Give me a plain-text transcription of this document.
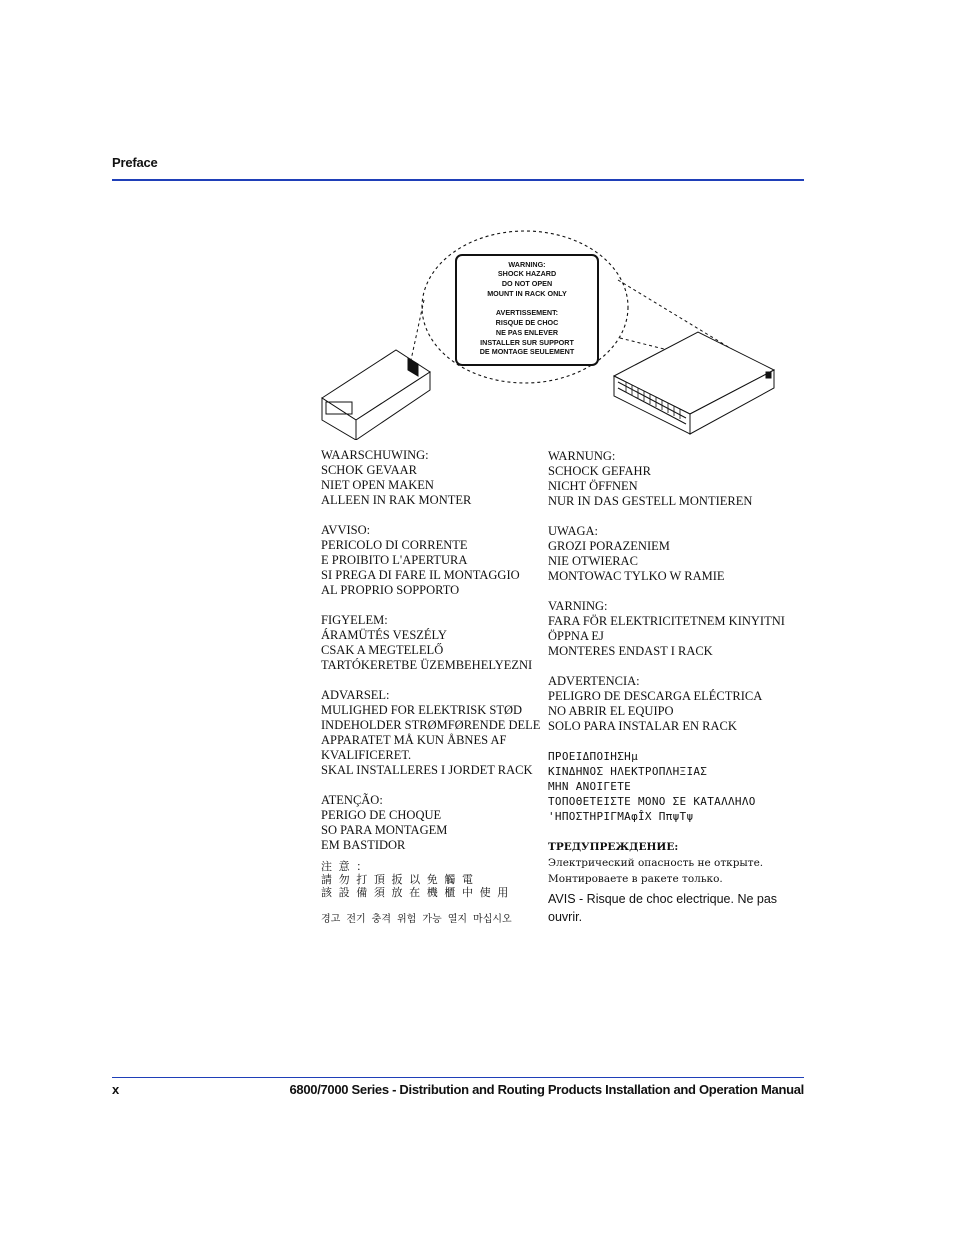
Preface
WARNING:
SHOCK HAZARD
DO NOT OPEN
MOUNT IN RACK ONLY
AVERTISSEMENT:
RISQUE DE CHOC
NE PAS ENLEVER
INSTALLER SUR SUPPORT
DE MONTAGE SEULEMENT
WAARSCHUWING:
SCHOK GEVAAR
NIET OPEN MAKEN
ALLEEN IN RAK MONTER
AVVISO:
PERICOLO DI CORRENTE
E PROIBITO L'APERTURA
SI PREGA DI FARE IL MONTAGGIO
AL PROPRIO SOPPORTO
FIGYELEM:
ÁRAMÜTÉS VESZÉLY
CSAK A MEGTELELŐ
TARTÓKERETBE ÜZEMBEHELYEZNI
ADVARSEL:
MULIGHED FOR ELEKTRISK STØD
INDEHOLDER STRØMFØRENDE DELE
APPARATET MÅ KUN ÅBNES AF
KVALIFICERET.
SKAL INSTALLERES I JORDET RACK
ATENÇÃO:
PERIGO DE CHOQUE
SO PARA MONTAGEM
EM BASTIDOR
注 意 ：
請 勿 打 頂 扳 以 免 觸 電
該 設 備 須 放 在 機 櫃 中 使 用
경고 전기 충격 위험 가능 열지 마십시오
WARNUNG:
SCHOCK GEFAHR
NICHT ÖFFNEN
NUR IN DAS GESTELL MONTIEREN
UWAGA:
GROZI PORAZENIEM
NIE OTWIERAC
MONTOWAC TYLKO W RAMIE
VARNING:
FARA FÖR ELEKTRICITETNEM KINYITNI
ÖPPNA EJ
MONTERES ENDAST I RACK
ADVERTENCIA:
PELIGRO DE DESCARGA ELÉCTRICA
NO ABRIR EL EQUIPO
SOLO PARA INSTALAR EN RACK
ΠΡΟΕΙΔΠΟΙΗΣΗμ
ΚΙΝΔΗΝΟΣ ΗΛΕΚΤΡΟΠΛΗΞΙΑΣ
ΜΗΝ ΑΝΟΙΓΕΤΕ
ΤΟΠΟΘΕΤΕΙΣΤΕ ΜΟΝΟ ΣΕ ΚΑΤΑΛΛΗΛΟ
'ΗΠΟΣΤΗΡΙΓΜΑφÎΧ ΠπψΤψ
ТРЕДУПРЕЖДЕНИЕ:
Электрический опасность не открыте.
Монтироваете в ракете только.
AVIS - Risque de choc electrique. Ne pas ouvrir.
x	6800/7000 Series - Distribution and Routing Products Installation and Operation Manual
